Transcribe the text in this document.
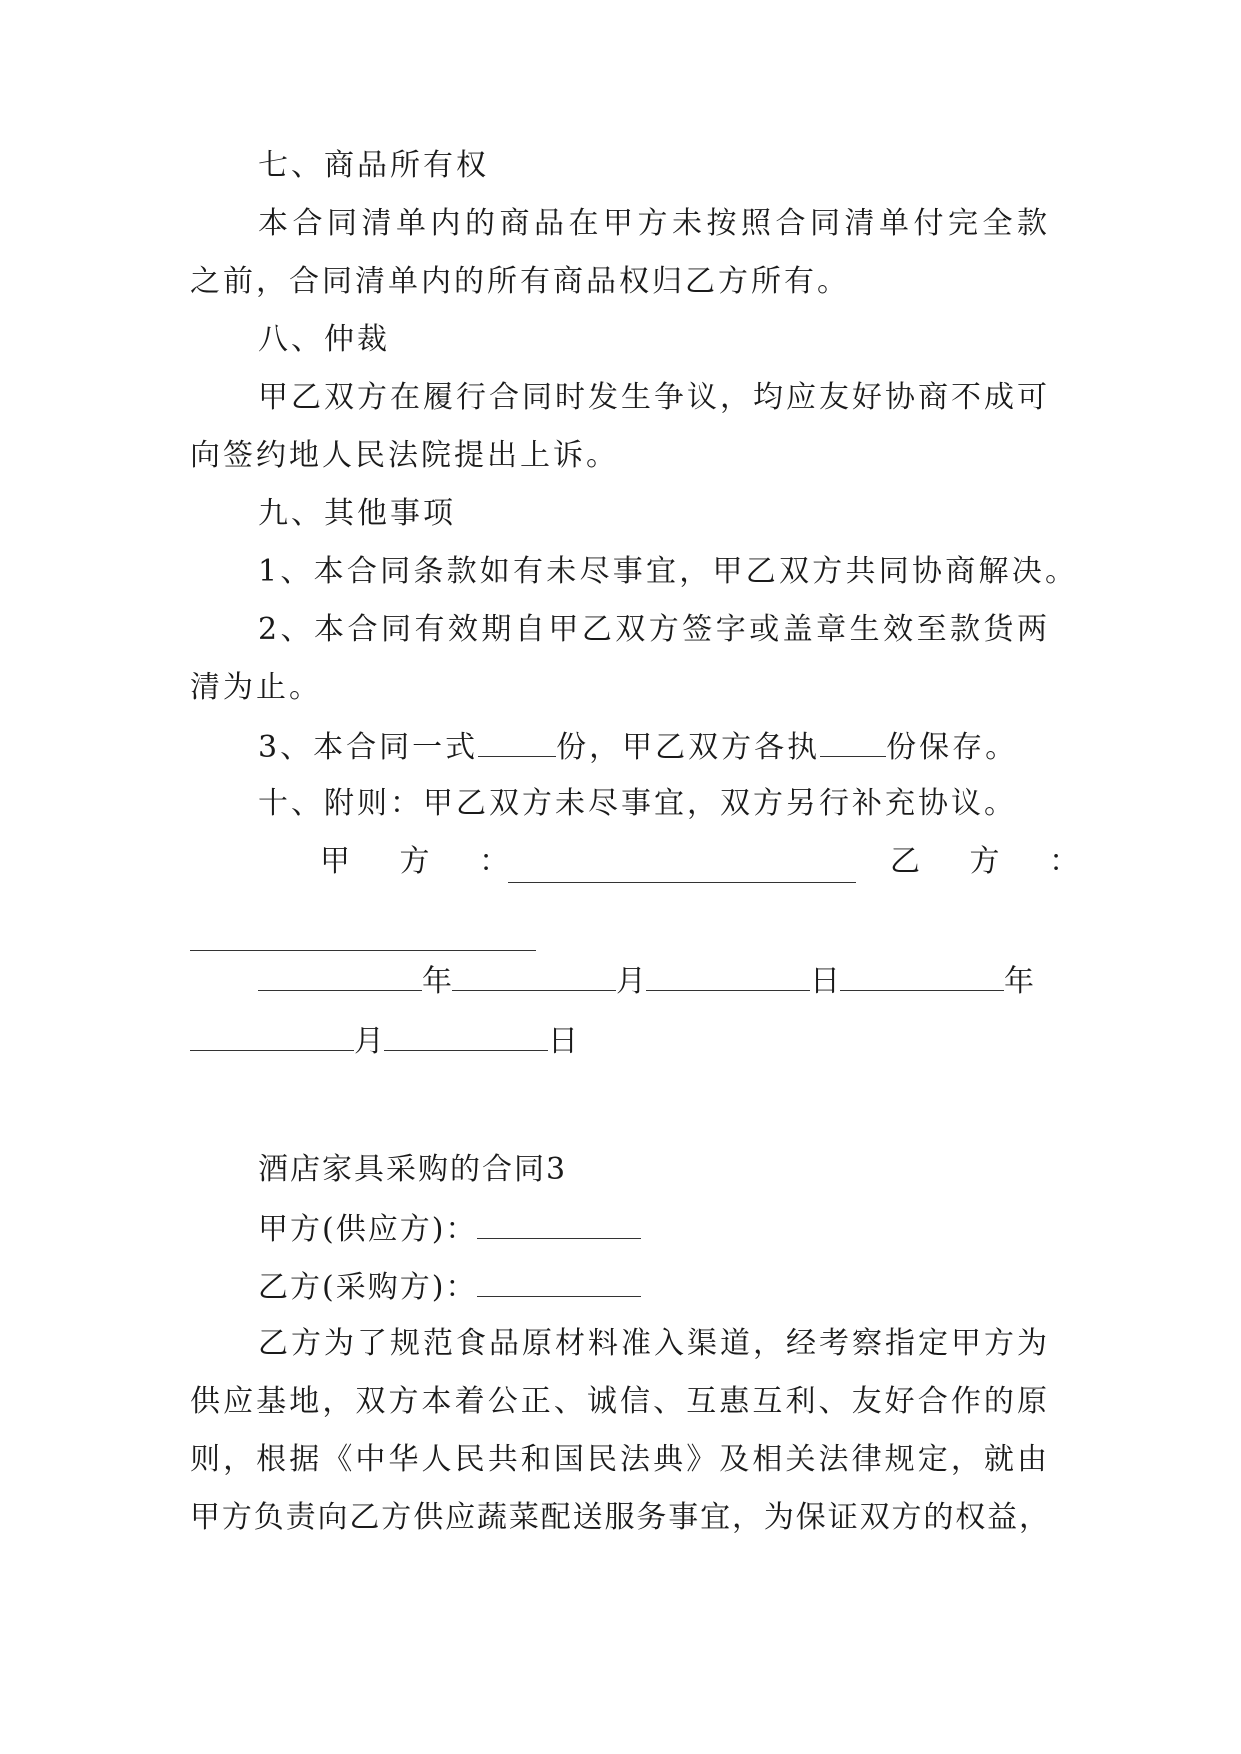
七、商品所有权
本合同清单内的商品在甲方未按照合同清单付完全款
之前，合同清单内的所有商品权归乙方所有。
八、仲裁
甲乙双方在履行合同时发生争议，均应友好协商不成可
向签约地人民法院提出上诉。
九、其他事项
1、本合同条款如有未尽事宜，甲乙双方共同协商解决。
2、本合同有效期自甲乙双方签字或盖章生效至款货两
清为止。
3、本合同一式	份，甲乙双方各执 份保存。
十、附则：甲乙双方未尽事宜，双方另行补充协议。
甲 方 ：	乙 方 ：
年	月	日	年
月	日
酒店家具采购的合同3
甲方(供应方)：
乙方(采购方)：
乙方为了规范食品原材料准入渠道，经考察指定甲方为
供应基地，双方本着公正、诚信、互惠互利、友好合作的原
则，根据《中华人民共和国民法典》及相关法律规定，就由
甲方负责向乙方供应蔬菜配送服务事宜，为保证双方的权益，
